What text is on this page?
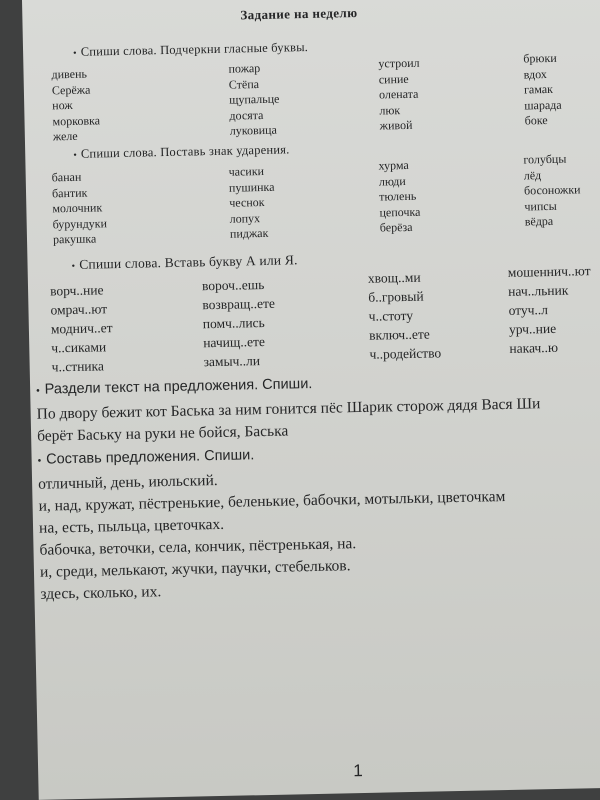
Задание на неделю
• Спиши слова. Подчеркни гласные буквы.
дивень
Серёжа
нож
морковка
желе
пожар
Стёпа
щупальце
досята
луковица
устроил
синие
олената
люк
живой
брюки
вдох
гамак
шарада
боке
• Спиши слова. Поставь знак ударения.
банан
бантик
молочник
бурундуки
ракушка
часики
пушинка
чеснок
лопух
пиджак
хурма
люди
тюлень
цепочка
берёза
голубцы
лёд
босоножки
чипсы
вёдра
• Спиши слова. Вставь букву А или Я.
ворч..ние
омрач..ют
моднич..ет
ч..сиками
ч..стника
вороч..ешь
возвращ..ете
помч..лись
начищ..ете
замыч..ли
хвощ..ми
б..гровый
ч..стоту
включ..ете
ч..родейство
мошеннич..ют
нач..льник
отуч..л
урч..ние
накач..ю
• Раздели текст на предложения. Спиши.
По двору бежит кот Баська за ним гонится пёс Шарик сторож дядя Вася Ши
берёт Баську на руки не бойся, Баська
• Составь предложения. Спиши.
отличный, день, июльский.
и, над, кружат, пёстренькие, беленькие, бабочки, мотыльки, цветочкам
на, есть, пыльца, цветочках.
бабочка, веточки, села, кончик, пёстренькая, на.
и, среди, мелькают, жучки, паучки, стебельков.
здесь, сколько, их.
1
